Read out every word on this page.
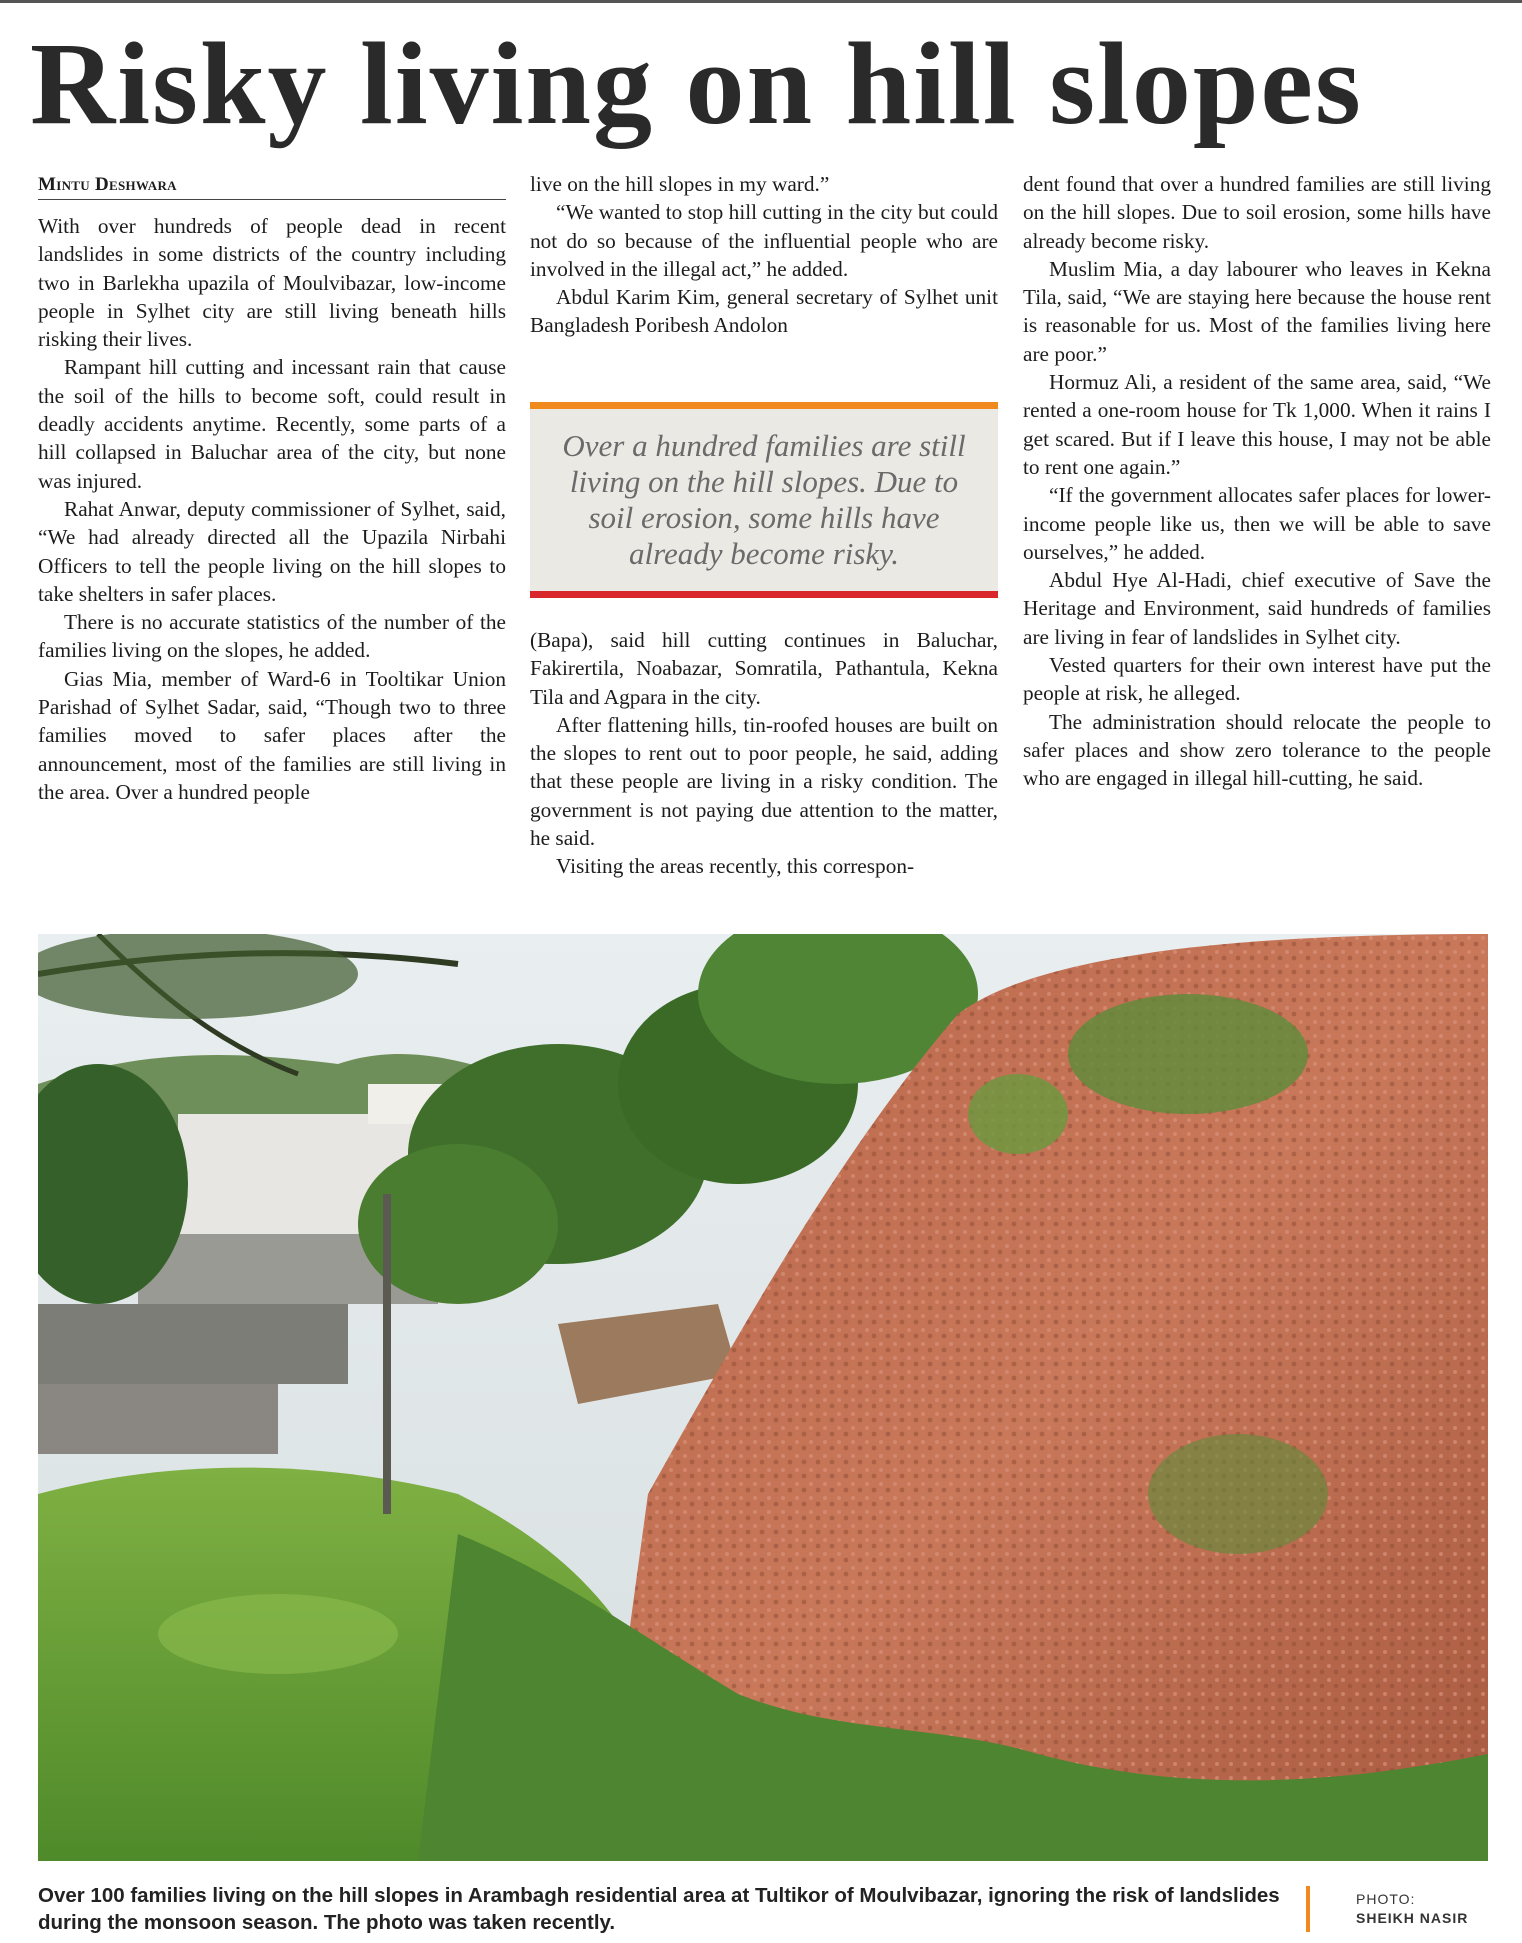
Risky living on hill slopes
Mintu Deshwara

With over hundreds of people dead in recent landslides in some districts of the country including two in Barlekha upazila of Moulvibazar, low-income people in Sylhet city are still living beneath hills risking their lives.

Rampant hill cutting and incessant rain that cause the soil of the hills to become soft, could result in deadly accidents anytime. Recently, some parts of a hill collapsed in Baluchar area of the city, but none was injured.

Rahat Anwar, deputy commissioner of Sylhet, said, “We had already directed all the Upazila Nirbahi Officers to tell the people living on the hill slopes to take shelters in safer places.

There is no accurate statistics of the number of the families living on the slopes, he added.

Gias Mia, member of Ward-6 in Tooltikar Union Parishad of Sylhet Sadar, said, “Though two to three families moved to safer places after the announcement, most of the families are still living in the area. Over a hundred people

live on the hill slopes in my ward.”

“We wanted to stop hill cutting in the city but could not do so because of the influential people who are involved in the illegal act,” he added.

Abdul Karim Kim, general secretary of Sylhet unit Bangladesh Poribesh Andolon

Over a hundred families are still living on the hill slopes. Due to soil erosion, some hills have already become risky.

(Bapa), said hill cutting continues in Baluchar, Fakirertila, Noabazar, Somratila, Pathantula, Kekna Tila and Agpara in the city.

After flattening hills, tin-roofed houses are built on the slopes to rent out to poor people, he said, adding that these people are living in a risky condition. The government is not paying due attention to the matter, he said.

Visiting the areas recently, this correspon-

dent found that over a hundred families are still living on the hill slopes. Due to soil erosion, some hills have already become risky.

Muslim Mia, a day labourer who leaves in Kekna Tila, said, “We are staying here because the house rent is reasonable for us. Most of the families living here are poor.”

Hormuz Ali, a resident of the same area, said, “We rented a one-room house for Tk 1,000. When it rains I get scared. But if I leave this house, I may not be able to rent one again.”

“If the government allocates safer places for lower-income people like us, then we will be able to save ourselves,” he added.

Abdul Hye Al-Hadi, chief executive of Save the Heritage and Environment, said hundreds of families are living in fear of landslides in Sylhet city.

Vested quarters for their own interest have put the people at risk, he alleged.

The administration should relocate the people to safer places and show zero tolerance to the people who are engaged in illegal hill-cutting, he said.

Over 100 families living on the hill slopes in Arambagh residential area at Tultikor of Moulvibazar, ignoring the risk of landslides during the monsoon season. The photo was taken recently.
PHOTO:
SHEIKH NASIR
